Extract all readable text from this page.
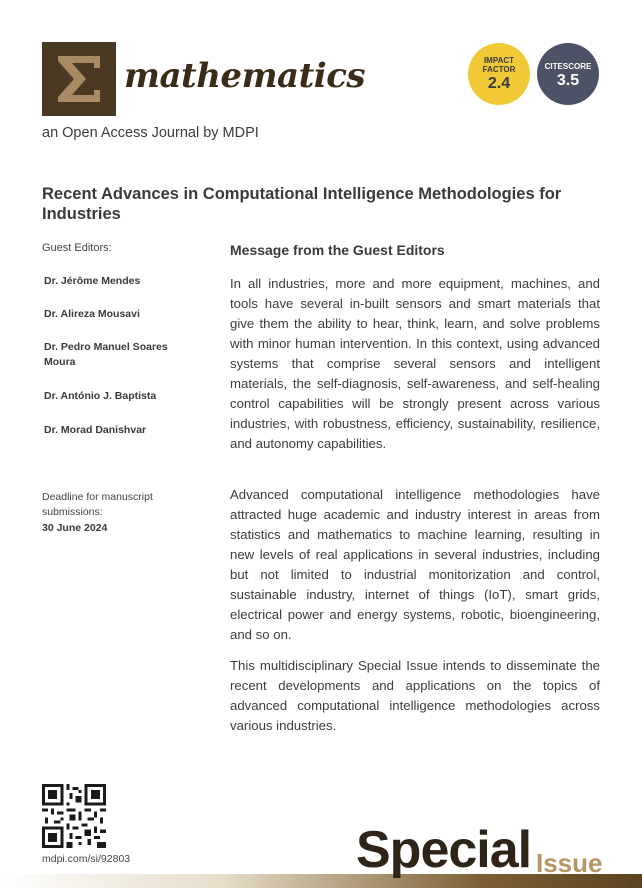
mathematics
an Open Access Journal by MDPI
IMPACT
FACTOR
2.4
CITESCORE
3.5
Recent Advances in Computational Intelligence Methodologies for Industries
Guest Editors:
Dr. Jérôme Mendes
Dr. Alireza Mousavi
Dr. Pedro Manuel Soares Moura
Dr. António J. Baptista
Dr. Morad Danishvar
Deadline for manuscript submissions:
30 June 2024
Message from the Guest Editors

In all industries, more and more equipment, machines, and tools have several in-built sensors and smart materials that give them the ability to hear, think, learn, and solve problems with minor human intervention. In this context, using advanced systems that comprise several sensors and intelligent materials, the self-diagnosis, self-awareness, and self-healing control capabilities will be strongly present across various industries, with robustness, efficiency, sustainability, resilience, and autonomy capabilities.

Advanced computational intelligence methodologies have attracted huge academic and industry interest in areas from statistics and mathematics to machine learning, resulting in new levels of real applications in several industries, including but not limited to industrial monitorization and control, sustainable industry, internet of things (IoT), smart grids, electrical power and energy systems, robotic, bioengineering, and so on.

This multidisciplinary Special Issue intends to disseminate the recent developments and applications on the topics of advanced computational intelligence methodologies across various industries.

mdpi.com/si/92803	Special Issue
